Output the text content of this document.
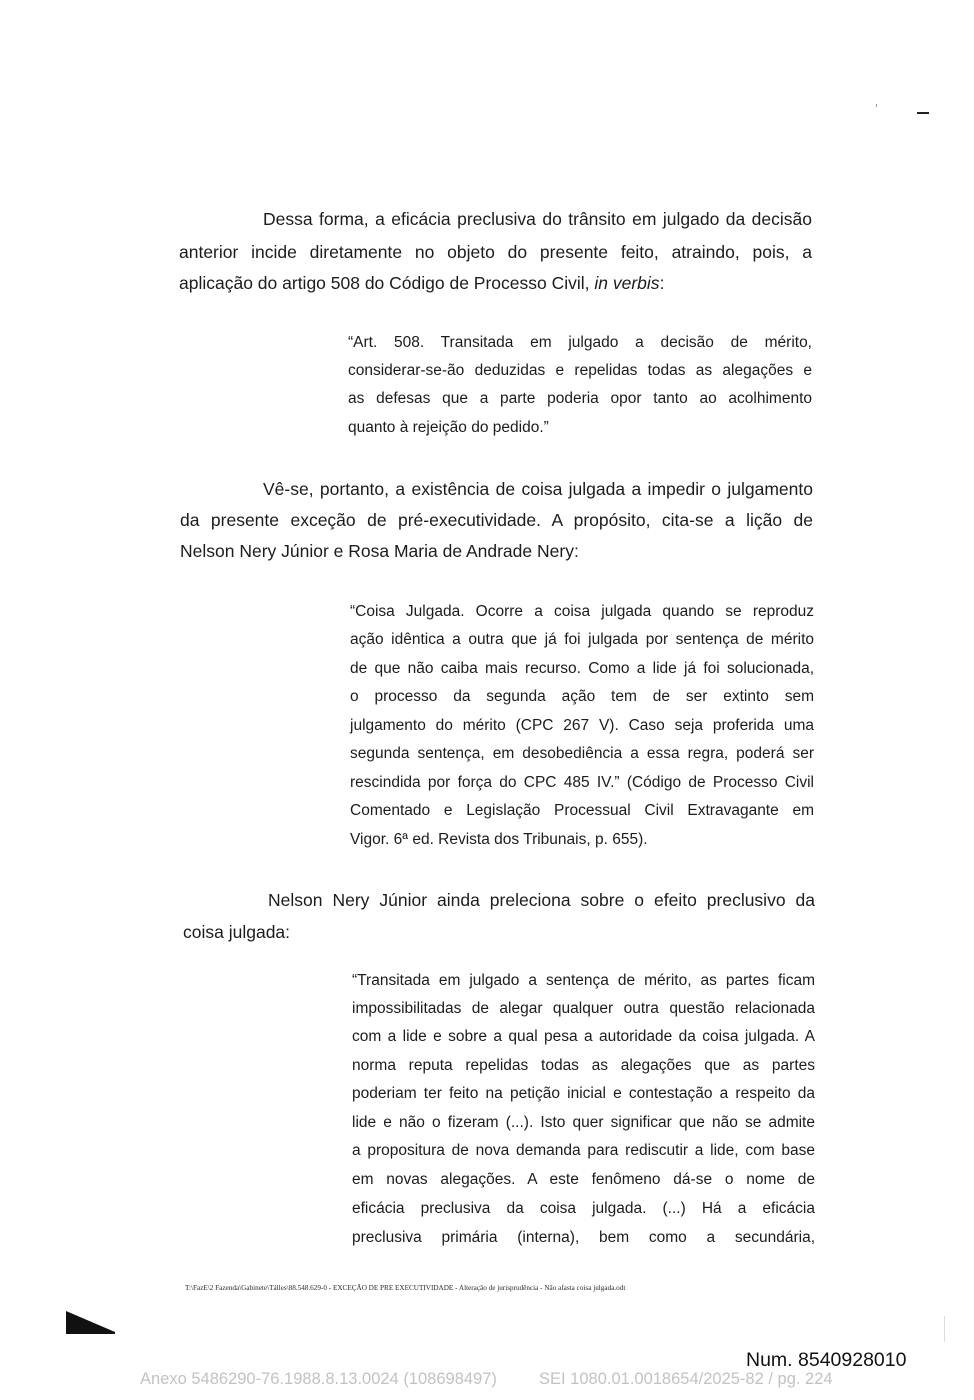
Dessa forma, a eficácia preclusiva do trânsito em julgado da decisão
anterior incide diretamente no objeto do presente feito, atraindo, pois, a
aplicação do artigo 508 do Código de Processo Civil, in verbis:
“Art. 508. Transitada em julgado a decisão de mérito,
considerar-se-ão deduzidas e repelidas todas as alegações e
as defesas que a parte poderia opor tanto ao acolhimento
quanto à rejeição do pedido.”
Vê-se, portanto, a existência de coisa julgada a impedir o julgamento
da presente exceção de pré-executividade. A propósito, cita-se a lição de
Nelson Nery Júnior e Rosa Maria de Andrade Nery:
“Coisa Julgada. Ocorre a coisa julgada quando se reproduz
ação idêntica a outra que já foi julgada por sentença de mérito
de que não caiba mais recurso. Como a lide já foi solucionada,
o processo da segunda ação tem de ser extinto sem
julgamento do mérito (CPC 267 V). Caso seja proferida uma
segunda sentença, em desobediência a essa regra, poderá ser
rescindida por força do CPC 485 IV.” (Código de Processo Civil
Comentado e Legislação Processual Civil Extravagante em
Vigor. 6ª ed. Revista dos Tribunais, p. 655).
Nelson Nery Júnior ainda preleciona sobre o efeito preclusivo da
coisa julgada:
“Transitada em julgado a sentença de mérito, as partes ficam
impossibilitadas de alegar qualquer outra questão relacionada
com a lide e sobre a qual pesa a autoridade da coisa julgada. A
norma reputa repelidas todas as alegações que as partes
poderiam ter feito na petição inicial e contestação a respeito da
lide e não o fizeram (...). Isto quer significar que não se admite
a propositura de nova demanda para rediscutir a lide, com base
em novas alegações. A este fenômeno dá-se o nome de
eficácia preclusiva da coisa julgada. (...) Há a eficácia
preclusiva primária (interna), bem como a secundária,
T:\FazE\2 Fazenda\Gabinete\Tálles\88.548.629-0 - EXCEÇÃO DE PRE EXECUTIVIDADE - Alteração de jurisprudência - Não afasta coisa julgada.odt
Num. 8540928010
Anexo 5486290-76.1988.8.13.0024 (108698497)	SEI 1080.01.0018654/2025-82 / pg. 224
